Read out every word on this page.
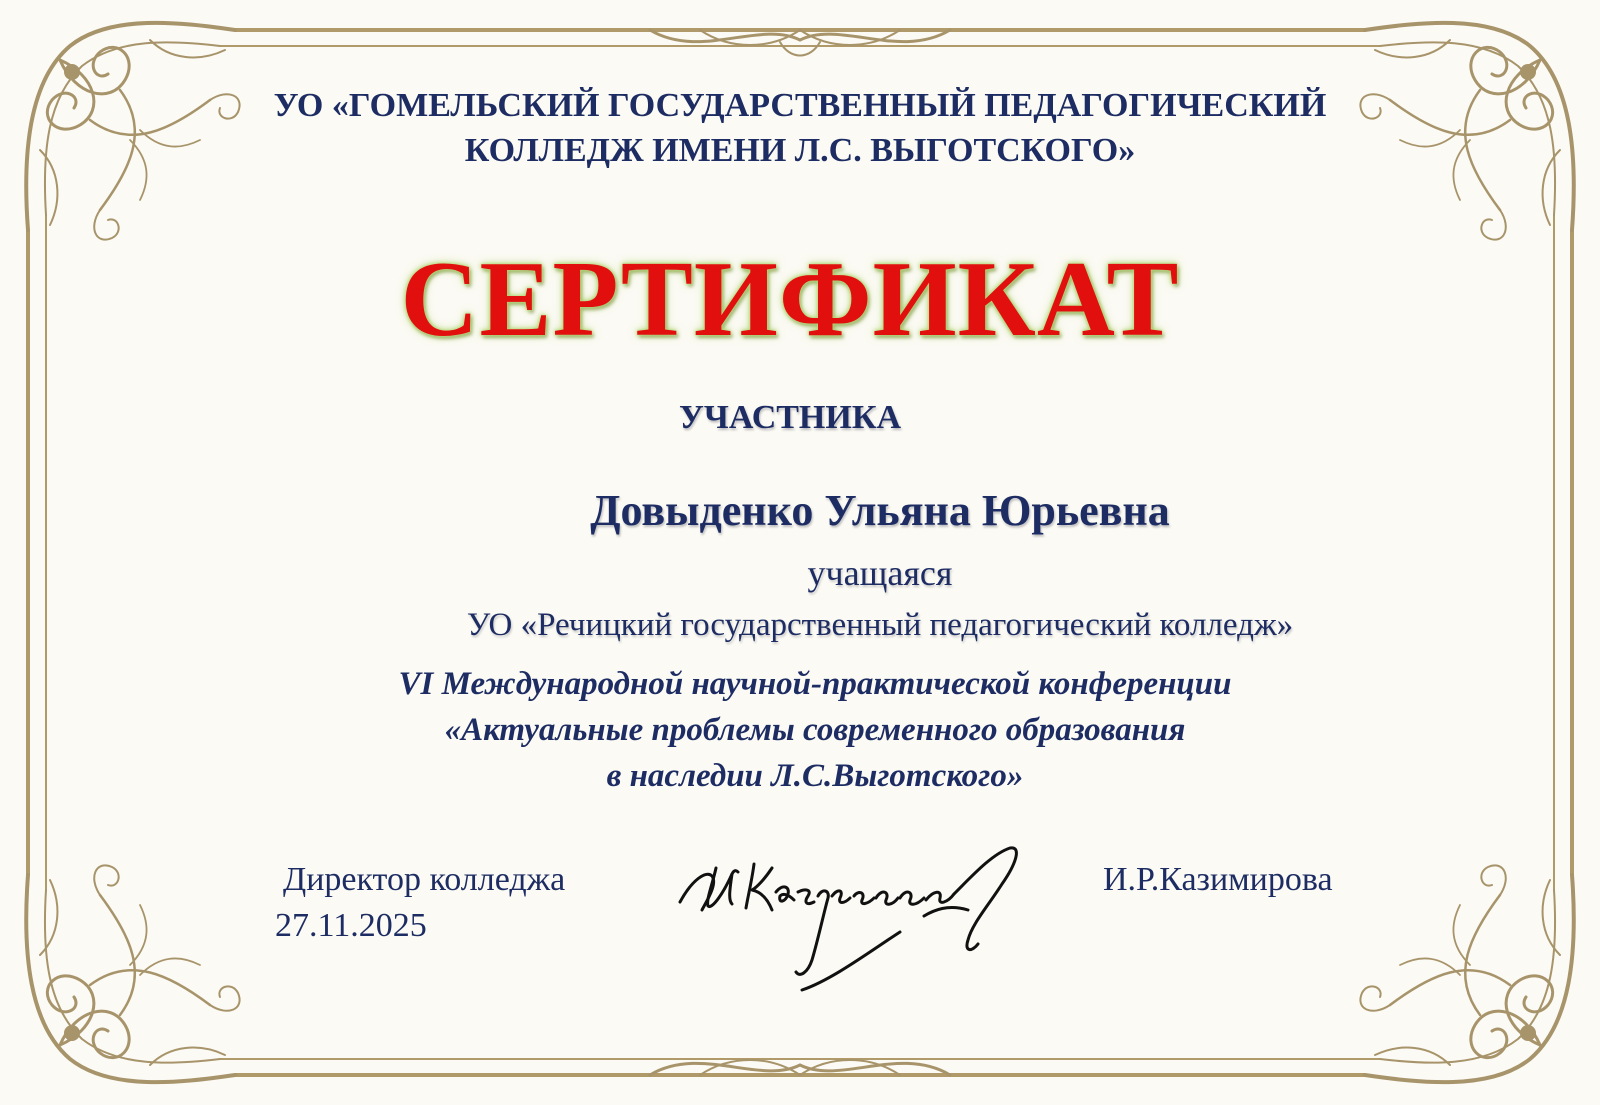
УО «ГОМЕЛЬСКИЙ ГОСУДАРСТВЕННЫЙ ПЕДАГОГИЧЕСКИЙ
КОЛЛЕДЖ ИМЕНИ Л.С. ВЫГОТСКОГО»
СЕРТИФИКАТ
УЧАСТНИКА
Довыденко Ульяна Юрьевна
учащаяся
УО «Речицкий государственный педагогический колледж»
VI Международной научной-практической конференции
«Актуальные проблемы современного образования
в наследии Л.С.Выготского»
Директор колледжа
27.11.2025
И.Р.Казимирова
